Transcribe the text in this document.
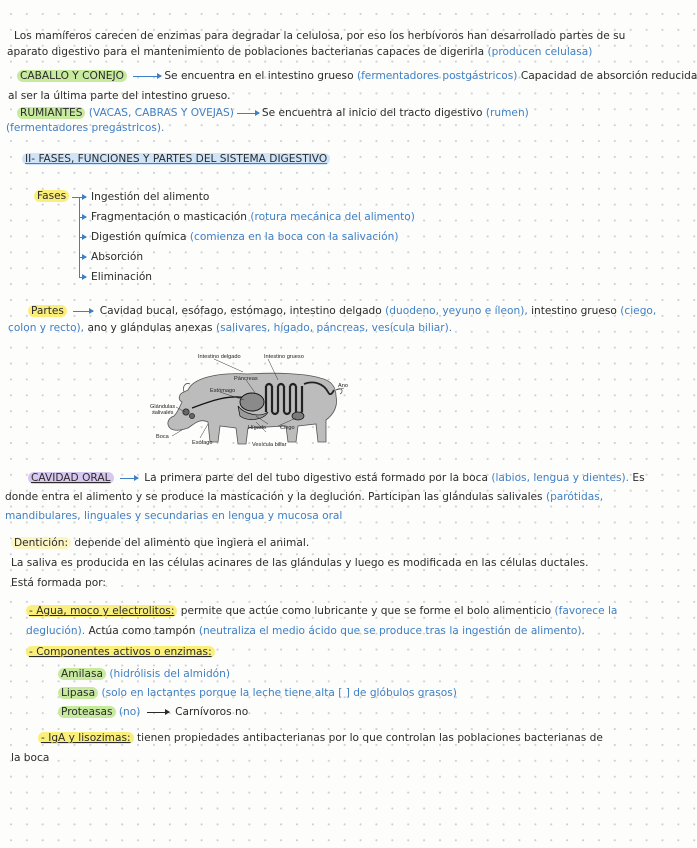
Los mamíferos carecen de enzimas para degradar la celulosa, por eso los herbívoros han desarrollado partes de su
aparato digestivo para el mantenimiento de poblaciones bacterianas capaces de digerirla (producen celulasa)
CABALLO Y CONEJO	Se encuentra en el intestino grueso (fermentadores postgástricos) Capacidad de absorción reducida
al ser la última parte del intestino grueso.
RUMIANTES (VACAS, CABRAS Y OVEJAS)	Se encuentra al inicio del tracto digestivo (rumen)
(fermentadores pregástricos).
II- FASES, FUNCIONES Y PARTES DEL SISTEMA DIGESTIVO
Fases Ingestión del alimento
Fragmentación o masticación (rotura mecánica del alimento)
Digestión química (comienza en la boca con la salivación)
Absorción
Eliminación
Partes	Cavidad bucal, esófago, estómago, intestino delgado (duodeno, yeyuno e íleon), intestino grueso (ciego,
colon y recto), ano y glándulas anexas (salivares, hígado, páncreas, vesícula biliar).
Intestino delgado	Intestino grueso
Páncreas
Estómago
Ano
Glándulas
salivales
Hígado Ciego
Boca
Esófago	Vesícula biliar
CAVIDAD ORAL	La primera parte del del tubo digestivo está formado por la boca (labios, lengua y dientes). Es
donde entra el alimento y se produce la masticación y la deglución. Participan las glándulas salivales (parótidas,
mandibulares, linguales y secundarias en lengua y mucosa oral
Dentición: depende del alimento que ingiera el animal.
La saliva es producida en las células acinares de las glándulas y luego es modificada en las células ductales.
Está formada por:
- Agua, moco y electrolitos: permite que actúe como lubricante y que se forme el bolo alimenticio (favorece la
deglución). Actúa como tampón (neutraliza el medio ácido que se produce tras la ingestión de alimento).
- Componentes activos o enzimas:
Amilasa (hidrólisis del almidón)
Lipasa (solo en lactantes porque la leche tiene alta [ ] de glóbulos grasos)
Proteasas (no)	Carnívoros no
- IgA y lisozimas: tienen propiedades antibacterianas por lo que controlan las poblaciones bacterianas de
la boca
